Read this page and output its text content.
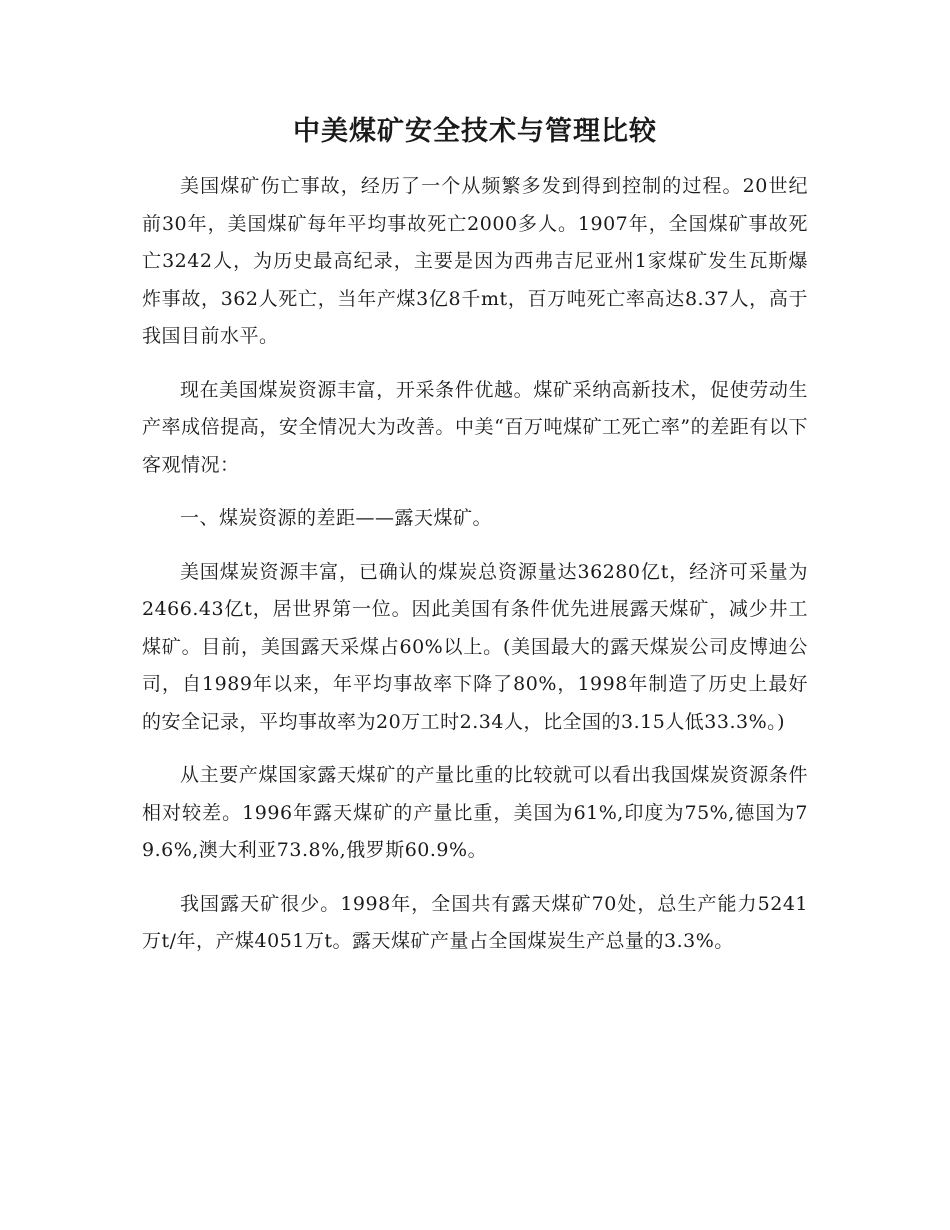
中美煤矿安全技术与管理比较

美国煤矿伤亡事故，经历了一个从频繁多发到得到控制的过程。20世纪前30年，美国煤矿每年平均事故死亡2000多人。1907年，全国煤矿事故死亡3242人，为历史最高纪录，主要是因为西弗吉尼亚州1家煤矿发生瓦斯爆炸事故，362人死亡，当年产煤3亿8千mt，百万吨死亡率高达8.37人，高于我国目前水平。

现在美国煤炭资源丰富，开采条件优越。煤矿采纳高新技术，促使劳动生产率成倍提高，安全情况大为改善。中美“百万吨煤矿工死亡率”的差距有以下客观情况：

一、煤炭资源的差距——露天煤矿。

美国煤炭资源丰富，已确认的煤炭总资源量达36280亿t，经济可采量为2466.43亿t，居世界第一位。因此美国有条件优先进展露天煤矿，减少井工煤矿。目前，美国露天采煤占60%以上。(美国最大的露天煤炭公司皮博迪公司，自1989年以来，年平均事故率下降了80%，1998年制造了历史上最好的安全记录，平均事故率为20万工时2.34人，比全国的3.15人低33.3%。)

从主要产煤国家露天煤矿的产量比重的比较就可以看出我国煤炭资源条件相对较差。1996年露天煤矿的产量比重，美国为61%,印度为75%,德国为79.6%,澳大利亚73.8%,俄罗斯60.9%。

我国露天矿很少。1998年，全国共有露天煤矿70处，总生产能力5241万t/年，产煤4051万t。露天煤矿产量占全国煤炭生产总量的3.3%。
